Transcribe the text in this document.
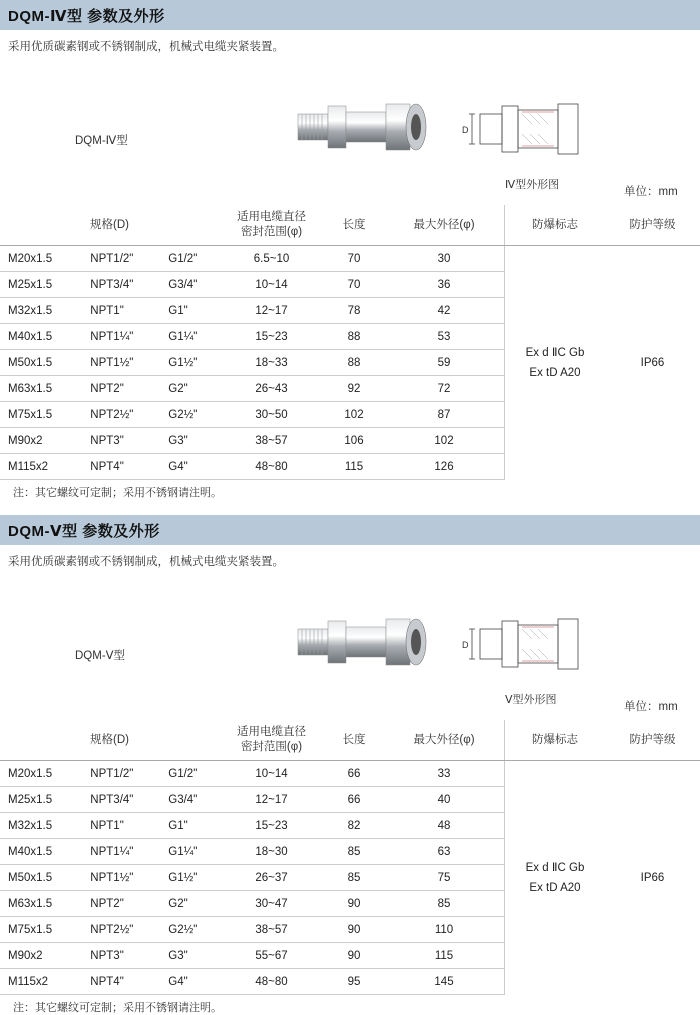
DQM-Ⅳ型 参数及外形
采用优质碳素钢或不锈钢制成，机械式电缆夹紧装置。
DQM-Ⅳ型
D
Ⅳ型外形图
单位：mm
规格(D)			适用电缆直径
密封范围(φ)	长度	最大外径(φ)	防爆标志	防护等级
M20x1.5	NPT1/2"	G1/2"	6.5~10	70	30	Ex d ⅡC Gb
Ex tD A20	IP66
M25x1.5	NPT3/4"	G3/4"	10~14	70	36		
M32x1.5	NPT1"	G1"	12~17	78	42		
M40x1.5	NPT1¼"	G1¼"	15~23	88	53		
M50x1.5	NPT1½"	G1½"	18~33	88	59		
M63x1.5	NPT2"	G2"	26~43	92	72		
M75x1.5	NPT2½"	G2½"	30~50	102	87		
M90x2	NPT3"	G3"	38~57	106	102		
M115x2	NPT4"	G4"	48~80	115	126		
注：其它螺纹可定制；采用不锈钢请注明。
DQM-Ⅴ型 参数及外形
采用优质碳素钢或不锈钢制成，机械式电缆夹紧装置。
DQM-Ⅴ型
D
Ⅴ型外形图
单位：mm
规格(D)			适用电缆直径
密封范围(φ)	长度	最大外径(φ)	防爆标志	防护等级
M20x1.5	NPT1/2"	G1/2"	10~14	66	33	Ex d ⅡC Gb
Ex tD A20	IP66
M25x1.5	NPT3/4"	G3/4"	12~17	66	40		
M32x1.5	NPT1"	G1"	15~23	82	48		
M40x1.5	NPT1¼"	G1¼"	18~30	85	63		
M50x1.5	NPT1½"	G1½"	26~37	85	75		
M63x1.5	NPT2"	G2"	30~47	90	85		
M75x1.5	NPT2½"	G2½"	38~57	90	110		
M90x2	NPT3"	G3"	55~67	90	115		
M115x2	NPT4"	G4"	48~80	95	145		
注：其它螺纹可定制；采用不锈钢请注明。
